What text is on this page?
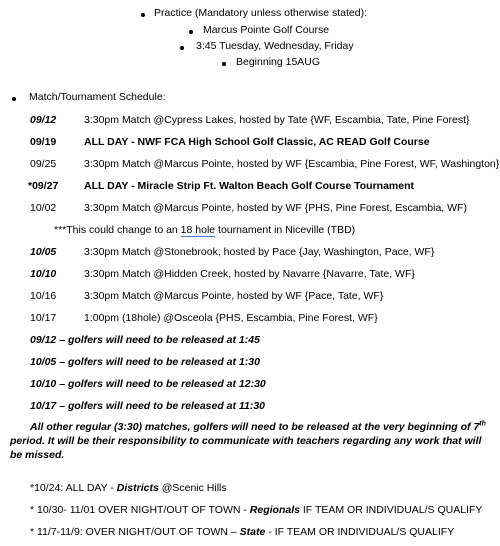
Practice (Mandatory unless otherwise stated):
Marcus Pointe Golf Course
3:45 Tuesday, Wednesday, Friday
Beginning 15AUG
Match/Tournament Schedule:
09/12	3:30pm Match @Cypress Lakes, hosted by Tate {WF, Escambia, Tate, Pine Forest}
09/19	ALL DAY - NWF FCA High School Golf Classic, AC READ Golf Course
09/25	3:30pm Match @Marcus Pointe, hosted by WF {Escambia, Pine Forest, WF, Washington}
*09/27 ALL DAY - Miracle Strip Ft. Walton Beach Golf Course Tournament
10/02	3:30pm Match @Marcus Pointe, hosted by WF {PHS, Pine Forest, Escambia, WF)
***This could change to an 18 hole tournament in Niceville (TBD)
10/05	3:30pm Match @Stonebrook, hosted by Pace {Jay, Washington, Pace, WF}
10/10	3:30pm Match @Hidden Creek, hosted by Navarre {Navarre, Tate, WF}
10/16	3:30pm Match @Marcus Pointe, hosted by WF {Pace, Tate, WF}
10/17	1:00pm (18hole) @Osceola {PHS, Escambia, Pine Forest, WF}
09/12 – golfers will need to be released at 1:45
10/05 – golfers will need to be released at 1:30
10/10 – golfers will need to be released at 12:30
10/17 – golfers will need to be released at 11:30
All other regular (3:30) matches, golfers will need to be released at the very beginning of 7th period. It will be their responsibility to communicate with teachers regarding any work that will be missed.
*10/24: ALL DAY - Districts @Scenic Hills
* 10/30- 11/01 OVER NIGHT/OUT OF TOWN - Regionals IF TEAM OR INDIVIDUAL/S QUALIFY
* 11/7-11/9: OVER NIGHT/OUT OF TOWN – State - IF TEAM OR INDIVIDUAL/S QUALIFY
